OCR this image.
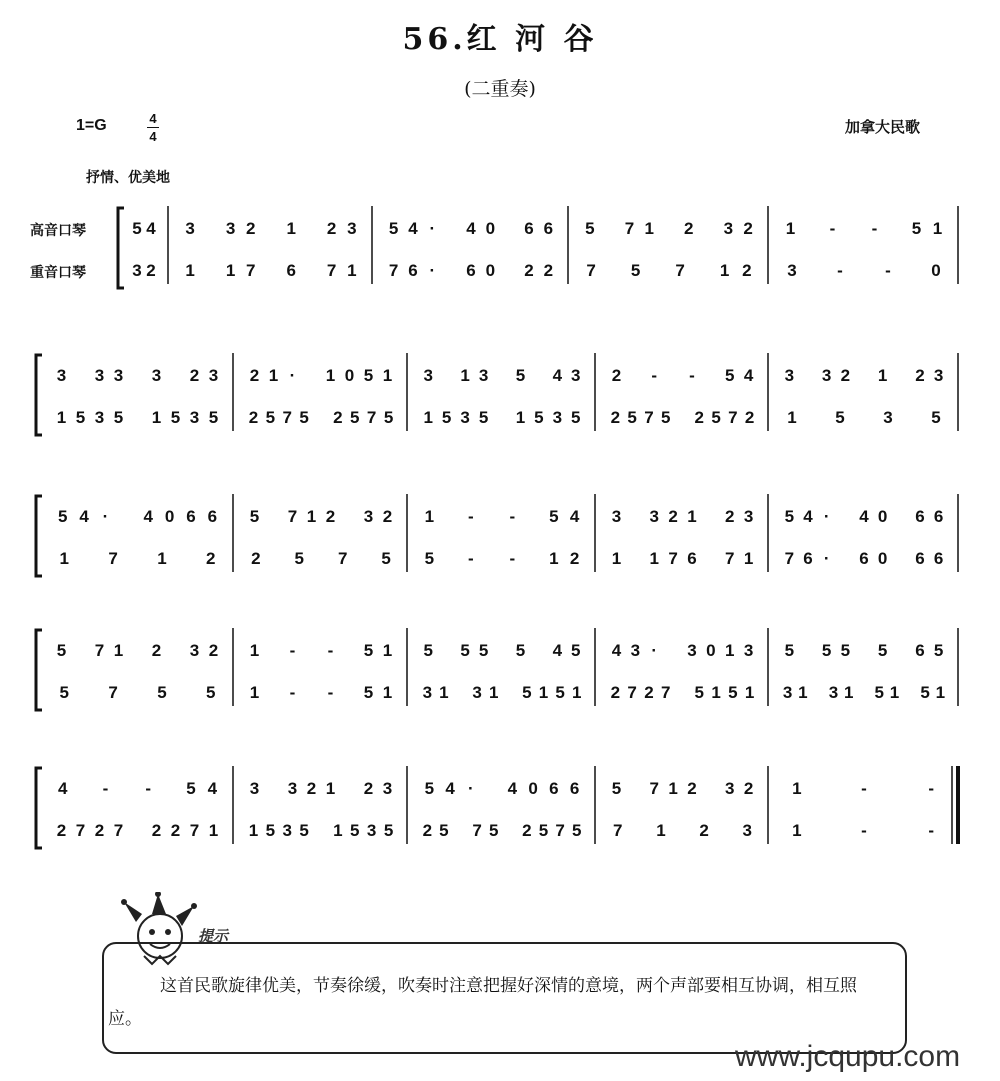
56.红 河 谷
(二重奏)
1=G	4
4
加拿大民歌
抒情、优美地
高音口琴
重音口琴
5 4 3 3 2 1 2 3 5 4 · 4 0 6 6 5 7 1 2 3 2 1 - - 5 1
3 2 1 1 7 6 7 1 7 6 · 6 0 2 2 7 5 7 1 2 3 - - 0
3 3 3 3 2 3 2 1 · 1 0 5 1 3 1 3 5 4 3 2 - - 5 4 3 3 2 1 2 3
1 5 3 5 1 5 3 5 2 5 7 5 2 5 7 5 1 5 3 5 1 5 3 5 2 5 7 5 2 5 7 2 1 5 3 5
5 4 · 4 0 6 6 5 7 1 2 3 2 1 - - 5 4 3 3 2 1 2 3 5 4 · 4 0 6 6
1 7 1 2 2 5 7 5 5 - - 1 2 1 1 7 6 7 1 7 6 · 6 0 6 6
5 7 1 2 3 2 1 - - 5 1 5 5 5 5 4 5 4 3 · 3 0 1 3 5 5 5 5 6 5
5 7 5 5 1 - - 5 1 3 1 3 1 5 1 5 1 2 7 2 7 5 1 5 1 3 1 3 1 5 1 5 1
4 - - 5 4 3 3 2 1 2 3 5 4 · 4 0 6 6 5 7 1 2 3 2 1	-	-
2 7 2 7 2 2 7 1 1 5 3 5 1 5 3 5 2 5 7 5 2 5 7 5 7 1 2 3 1	-	-
提示
这首民歌旋律优美，节奏徐缓，吹奏时注意把握好深情的意境，两个声部要相互协调，相互照应。
www.jcqupu.com
